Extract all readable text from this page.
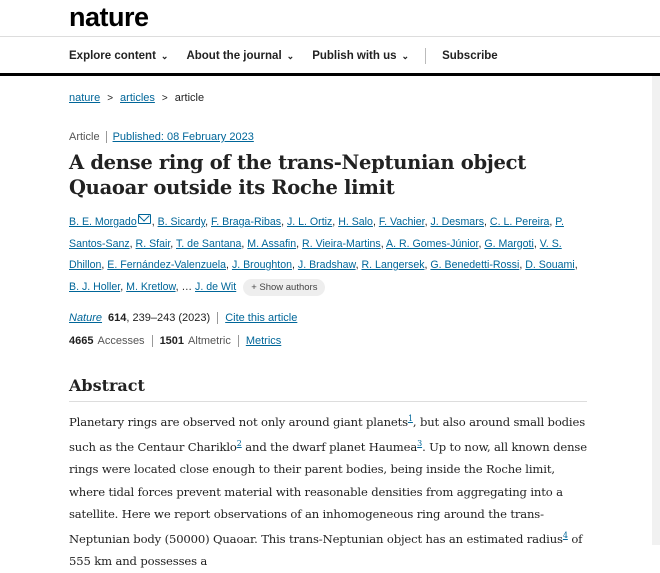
nature
Explore content ⌄ About the journal ⌄ Publish with us ⌄	Subscribe
nature > articles > article
Article Published: 08 February 2023
A dense ring of the trans-Neptunian object Quaoar outside its Roche limit
B. E. Morgado , B. Sicardy, F. Braga-Ribas, J. L. Ortiz, H. Salo, F. Vachier, J. Desmars, C. L. Pereira, P. Santos-Sanz, R. Sfair, T. de Santana, M. Assafin, R. Vieira-Martins, A. R. Gomes-Júnior, G. Margoti, V. S. Dhillon, E. Fernández-Valenzuela, J. Broughton, J. Bradshaw, R. Langersek, G. Benedetti-Rossi, D. Souami, B. J. Holler, M. Kretlow, … J. de Wit + Show authors
Nature 614 , 239–243 (2023) Cite this article
4665 Accesses 1501 Altmetric Metrics
Abstract

Planetary rings are observed not only around giant planets$^1$, but also around small bodies such as the Centaur Chariklo$^2$ and the dwarf planet Haumea$^3$. Up to now, all known dense rings were located close enough to their parent bodies, being inside the Roche limit, where tidal forces prevent material with reasonable densities from aggregating into a satellite. Here we report observations of an inhomogeneous ring around the trans-Neptunian body (50000) Quaoar. This trans-Neptunian object has an estimated radius$^4$ of 555 km and possesses a
